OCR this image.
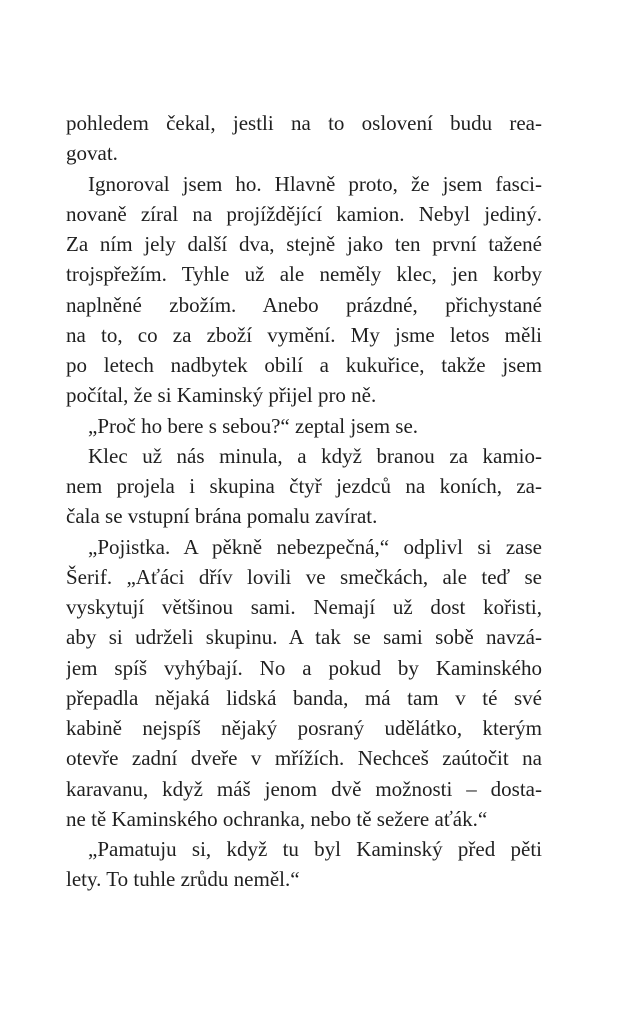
pohledem čekal, jestli na to oslovení budu rea-
govat.
Ignoroval jsem ho. Hlavně proto, že jsem fasci-
novaně zíral na projíždějící kamion. Nebyl jediný.
Za ním jely další dva, stejně jako ten první tažené
trojspřežím. Tyhle už ale neměly klec, jen korby
naplněné zbožím. Anebo prázdné, přichystané
na to, co za zboží vymění. My jsme letos měli
po letech nadbytek obilí a kukuřice, takže jsem
počítal, že si Kaminský přijel pro ně.
„Proč ho bere s sebou?“ zeptal jsem se.
Klec už nás minula, a když branou za kamio-
nem projela i skupina čtyř jezdců na koních, za-
čala se vstupní brána pomalu zavírat.
„Pojistka. A pěkně nebezpečná,“ odplivl si zase
Šerif. „Aťáci dřív lovili ve smečkách, ale teď se
vyskytují většinou sami. Nemají už dost kořisti,
aby si udrželi skupinu. A tak se sami sobě navzá-
jem spíš vyhýbají. No a pokud by Kaminského
přepadla nějaká lidská banda, má tam v té své
kabině nejspíš nějaký posraný udělátko, kterým
otevře zadní dveře v mřížích. Nechceš zaútočit na
karavanu, když máš jenom dvě možnosti – dosta-
ne tě Kaminského ochranka, nebo tě sežere aťák.“
„Pamatuju si, když tu byl Kaminský před pěti
lety. To tuhle zrůdu neměl.“
